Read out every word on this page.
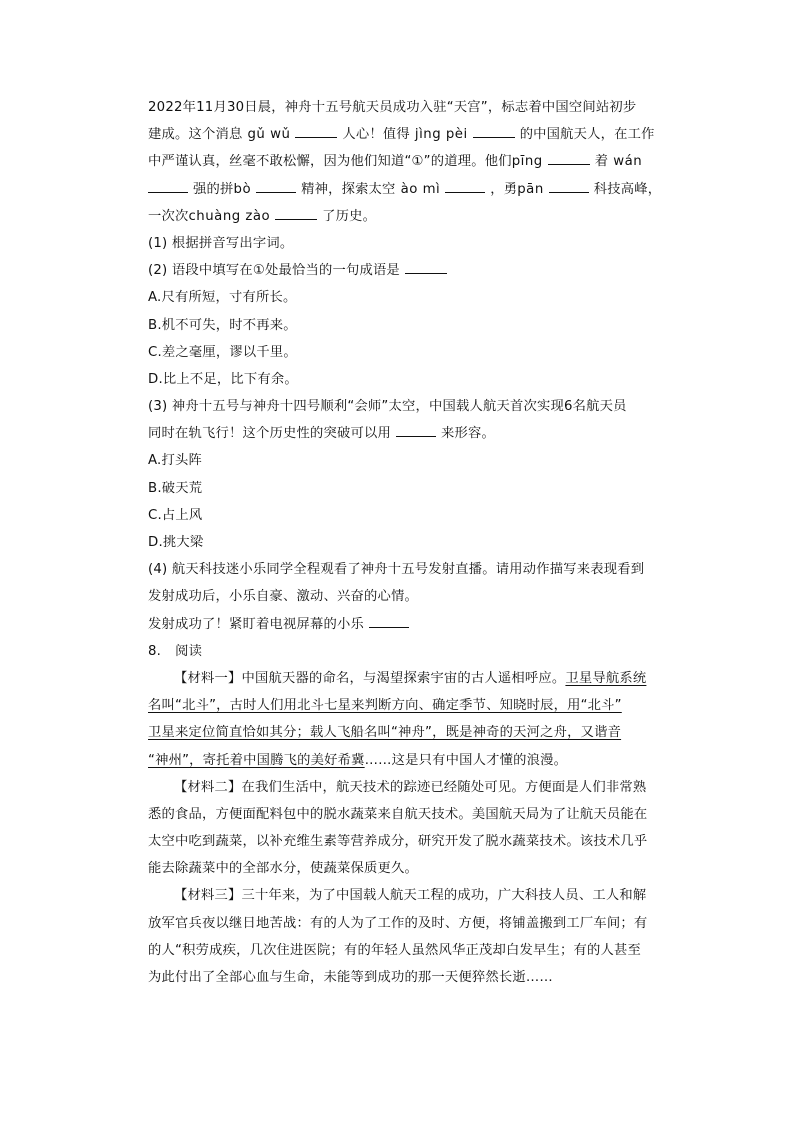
2022年11月30日晨，神舟十五号航天员成功入驻“天宫”，标志着中国空间站初步
建成。这个消息 gǔ wǔ	人心！值得 jìng pèi	的中国航天人，在工作
中严谨认真，丝毫不敢松懈，因为他们知道“①”的道理。他们pīng	着 wán
强的拼bò	精神，探索太空 ào mì	，勇pān	科技高峰，
一次次chuàng zào	了历史。
(1) 根据拼音写出字词。
(2) 语段中填写在①处最恰当的一句成语是
A.尺有所短，寸有所长。
B.机不可失，时不再来。
C.差之毫厘，谬以千里。
D.比上不足，比下有余。
(3) 神舟十五号与神舟十四号顺利“会师”太空，中国载人航天首次实现6名航天员
同时在轨飞行！这个历史性的突破可以用	来形容。
A.打头阵
B.破天荒
C.占上风
D.挑大梁
(4) 航天科技迷小乐同学全程观看了神舟十五号发射直播。请用动作描写来表现看到
发射成功后，小乐自豪、激动、兴奋的心情。
发射成功了！紧盯着电视屏幕的小乐
8. 阅读
【材料一】中国航天器的命名，与渴望探索宇宙的古人遥相呼应。卫星导航系统
名叫“北斗”，古时人们用北斗七星来判断方向、确定季节、知晓时辰，用“北斗”
卫星来定位简直恰如其分；载人飞船名叫“神舟”，既是神奇的天河之舟，又谐音
“神州”，寄托着中国腾飞的美好希冀……这是只有中国人才懂的浪漫。
【材料二】在我们生活中，航天技术的踪迹已经随处可见。方便面是人们非常熟
悉的食品，方便面配料包中的脱水蔬菜来自航天技术。美国航天局为了让航天员能在
太空中吃到蔬菜，以补充维生素等营养成分，研究开发了脱水蔬菜技术。该技术几乎
能去除蔬菜中的全部水分，使蔬菜保质更久。
【材料三】三十年来，为了中国载人航天工程的成功，广大科技人员、工人和解
放军官兵夜以继日地苦战：有的人为了工作的及时、方便，将铺盖搬到工厂车间；有
的人“积劳成疾，几次住进医院；有的年轻人虽然风华正茂却白发早生；有的人甚至
为此付出了全部心血与生命，未能等到成功的那一天便猝然长逝……
